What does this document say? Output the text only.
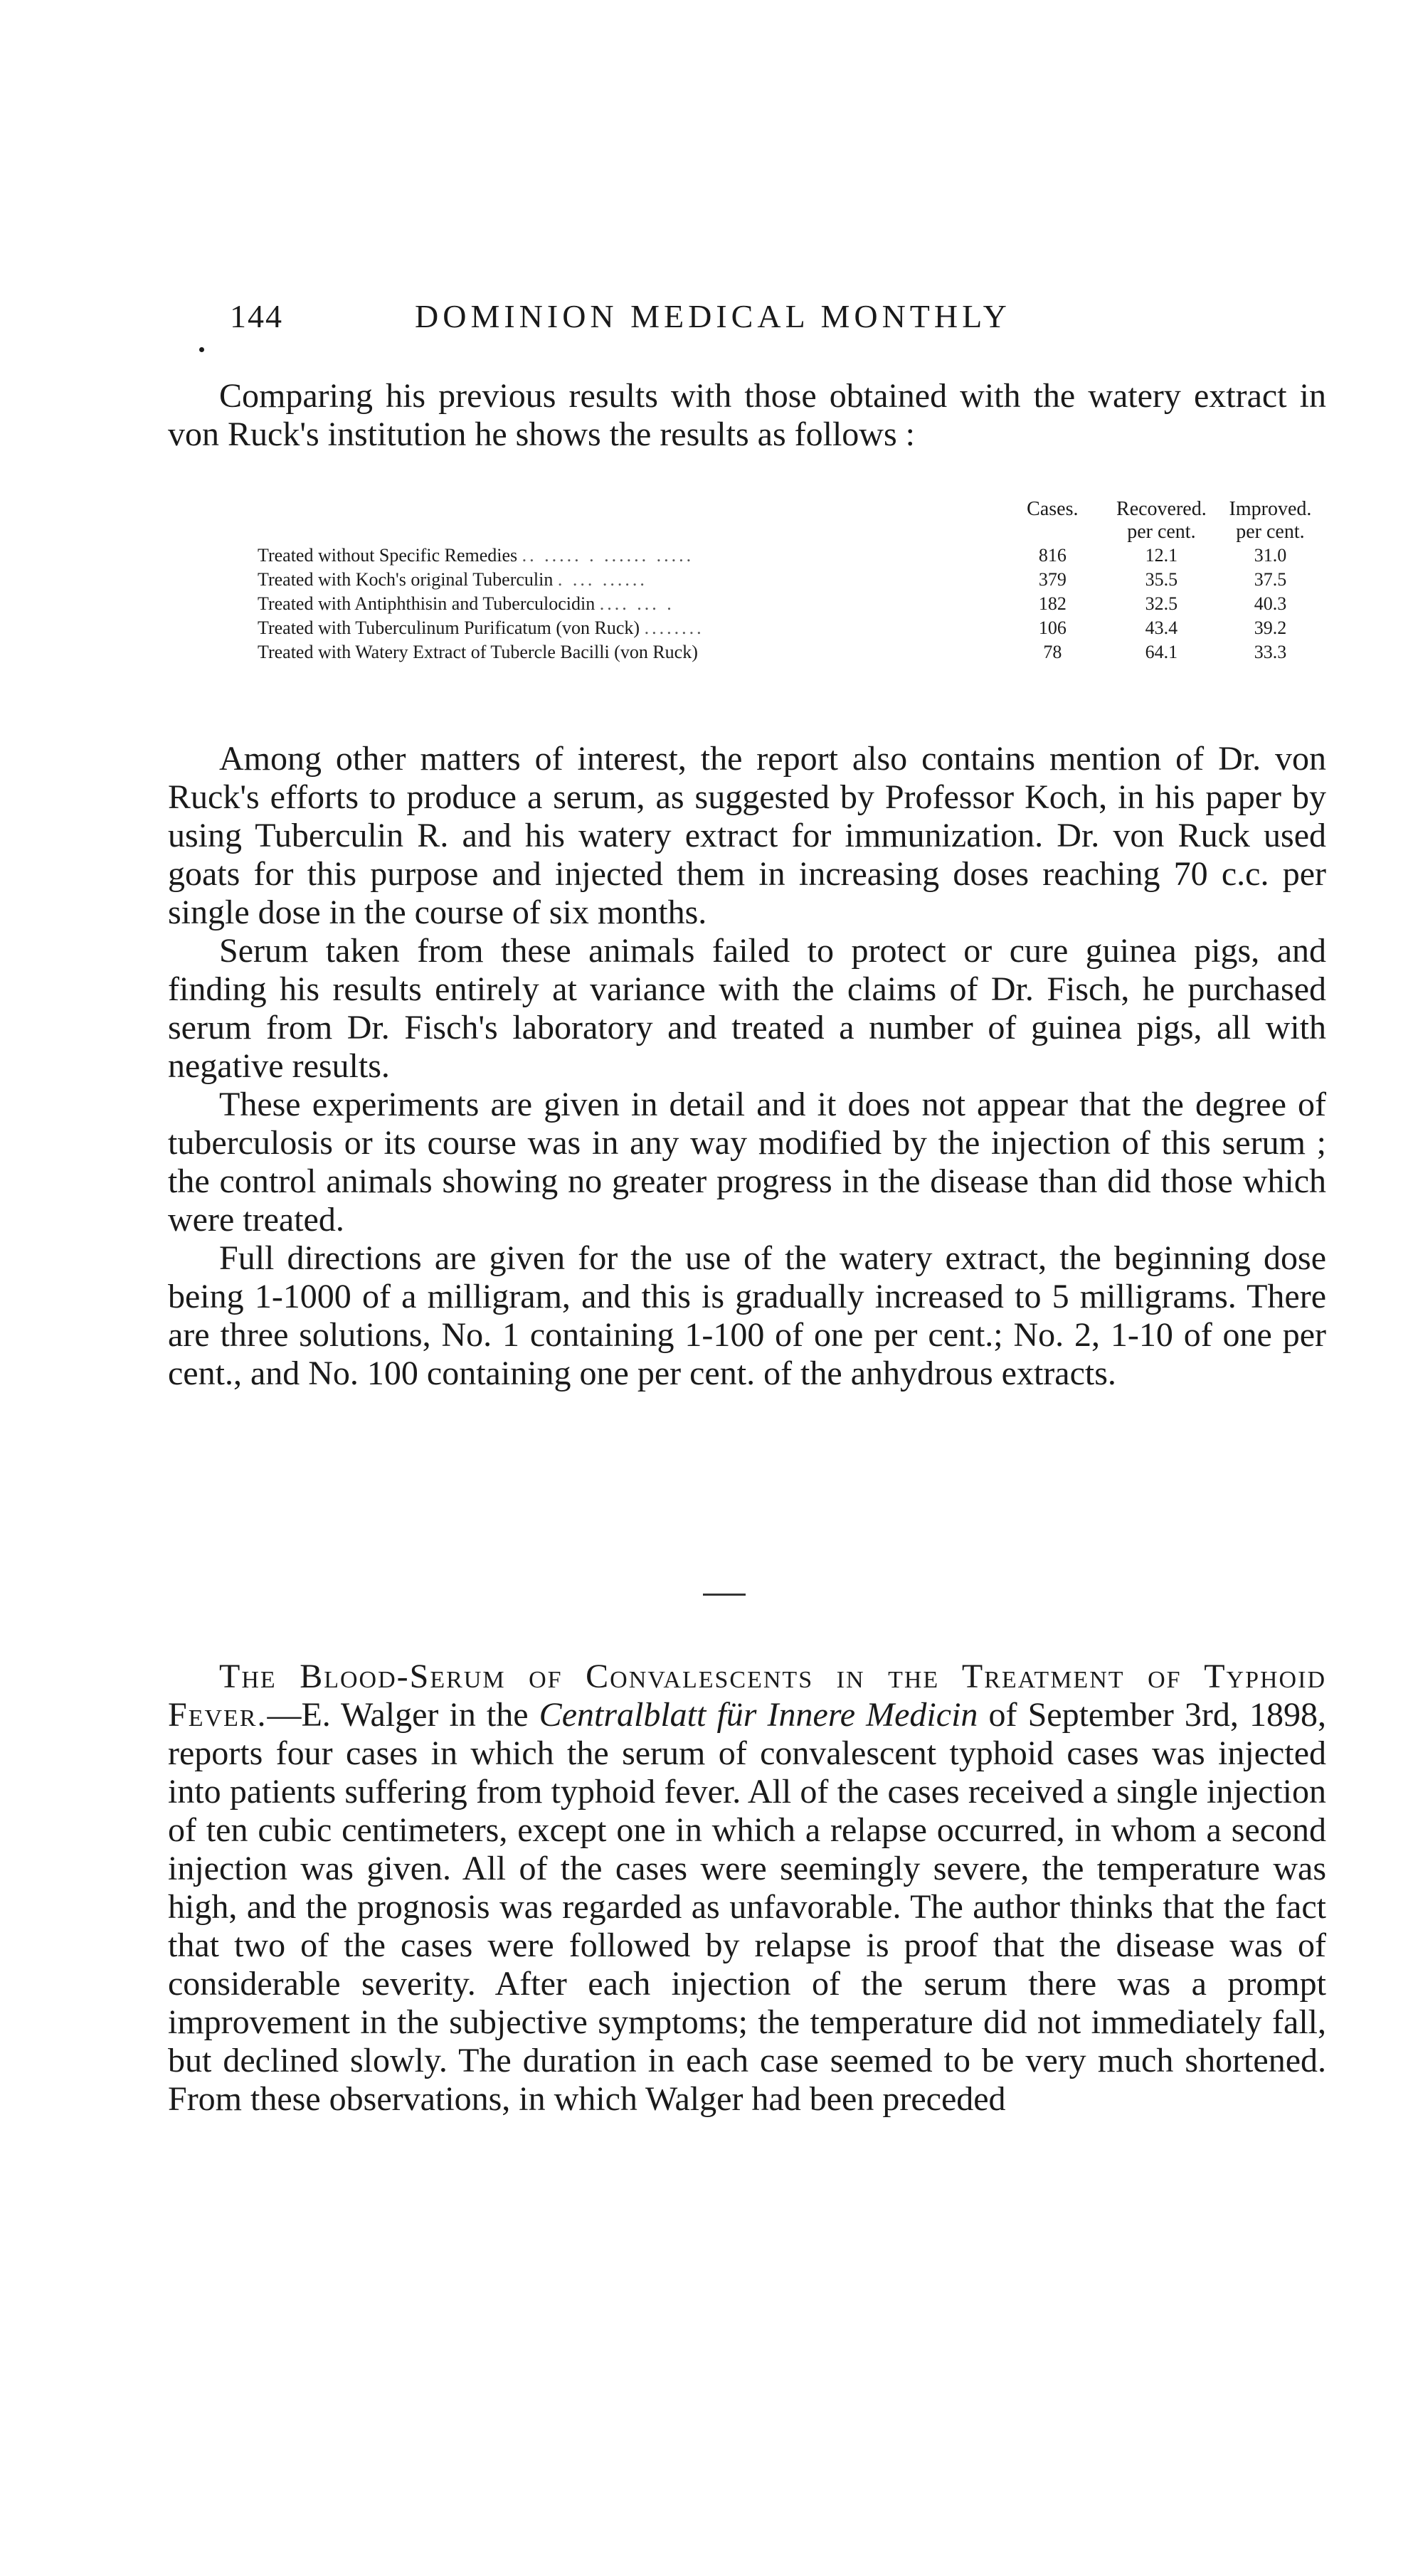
144	DOMINION MEDICAL MONTHLY

Comparing his previous results with those obtained with the watery extract in von Ruck's institution he shows the results as follows :

	Cases.	Recovered.	Improved.
		per cent.	per cent.
Treated without Specific Remedies .. ..... . ...... .....	816	12.1	31.0
Treated with Koch's original Tuberculin . ... ......	379	35.5	37.5
Treated with Antiphthisin and Tuberculocidin .... ... .	182	32.5	40.3
Treated with Tuberculinum Purificatum (von Ruck) ........	106	43.4	39.2
Treated with Watery Extract of Tubercle Bacilli (von Ruck)	78	64.1	33.3

Among other matters of interest, the report also contains mention of Dr. von Ruck's efforts to produce a serum, as suggested by Professor Koch, in his paper by using Tuberculin R. and his watery extract for immunization. Dr. von Ruck used goats for this purpose and injected them in increasing doses reaching 70 c.c. per single dose in the course of six months.

Serum taken from these animals failed to protect or cure guinea pigs, and finding his results entirely at variance with the claims of Dr. Fisch, he purchased serum from Dr. Fisch's laboratory and treated a number of guinea pigs, all with negative results.

These experiments are given in detail and it does not appear that the degree of tuberculosis or its course was in any way modified by the injection of this serum ; the control animals showing no greater progress in the disease than did those which were treated.

Full directions are given for the use of the watery extract, the beginning dose being 1-1000 of a milligram, and this is gradually increased to 5 milligrams. There are three solutions, No. 1 containing 1-100 of one per cent.; No. 2, 1-10 of one per cent., and No. 100 containing one per cent. of the anhydrous extracts.

The Blood-Serum of Convalescents in the Treatment of Typhoid Fever.—E. Walger in the Centralblatt für Innere Medicin of September 3rd, 1898, reports four cases in which the serum of convalescent typhoid cases was injected into patients suffering from typhoid fever. All of the cases received a single injection of ten cubic centimeters, except one in which a relapse occurred, in whom a second injection was given. All of the cases were seemingly severe, the temperature was high, and the prognosis was regarded as unfavorable. The author thinks that the fact that two of the cases were followed by relapse is proof that the disease was of considerable severity. After each injection of the serum there was a prompt improvement in the subjective symptoms; the temperature did not immediately fall, but declined slowly. The duration in each case seemed to be very much shortened. From these observations, in which Walger had been preceded
